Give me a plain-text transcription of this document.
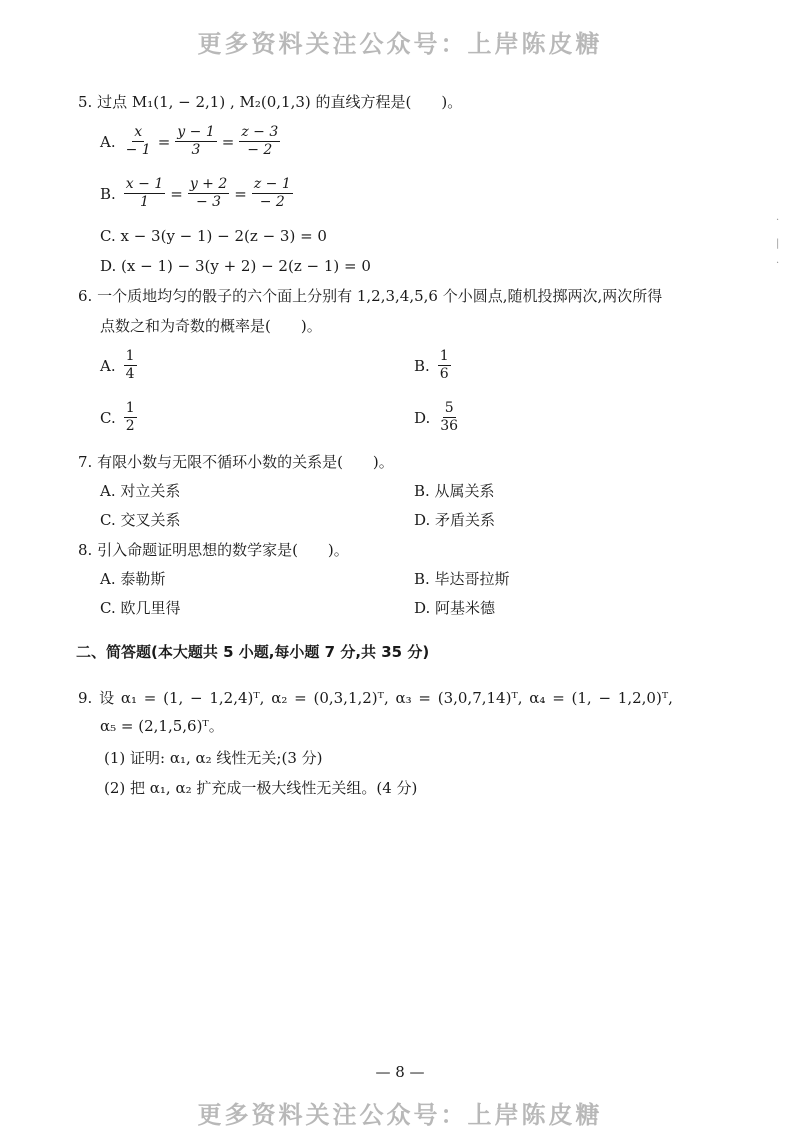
更多资料关注公众号：上岸陈皮糖
5. 过点 M₁(1, − 2,1) , M₂(0,1,3) 的直线方程是(　　)。
A. $\frac{x}{- 1} = \frac{y - 1}{3} = \frac{z - 3}{- 2}$
B. $\frac{x - 1}{1} = \frac{y + 2}{- 3} = \frac{z - 1}{- 2}$
C. x − 3(y − 1) − 2(z − 3) = 0
D. (x − 1) − 3(y + 2) − 2(z − 1) = 0
6. 一个质地均匀的骰子的六个面上分别有 1,2,3,4,5,6 个小圆点,随机投掷两次,两次所得
点数之和为奇数的概率是(　　)。
A. $\frac{1}{4}$	B. $\frac{1}{6}$
C. $\frac{1}{2}$	D. $\frac{5}{36}$
7. 有限小数与无限不循环小数的关系是(　　)。
A. 对立关系	B. 从属关系
C. 交叉关系	D. 矛盾关系
8. 引入命题证明思想的数学家是(　　)。
A. 泰勒斯	B. 毕达哥拉斯
C. 欧几里得	D. 阿基米德
二、简答题(本大题共 5 小题,每小题 7 分,共 35 分)
9. 设 α₁ = (1, − 1,2,4)ᵀ, α₂ = (0,3,1,2)ᵀ, α₃ = (3,0,7,14)ᵀ, α₄ = (1, − 1,2,0)ᵀ,
α₅ = (2,1,5,6)ᵀ。
(1) 证明: α₁, α₂ 线性无关;(3 分)
(2) 把 α₁, α₂ 扩充成一极大线性无关组。(4 分)
·
|
·
— 8 —
更多资料关注公众号：上岸陈皮糖
